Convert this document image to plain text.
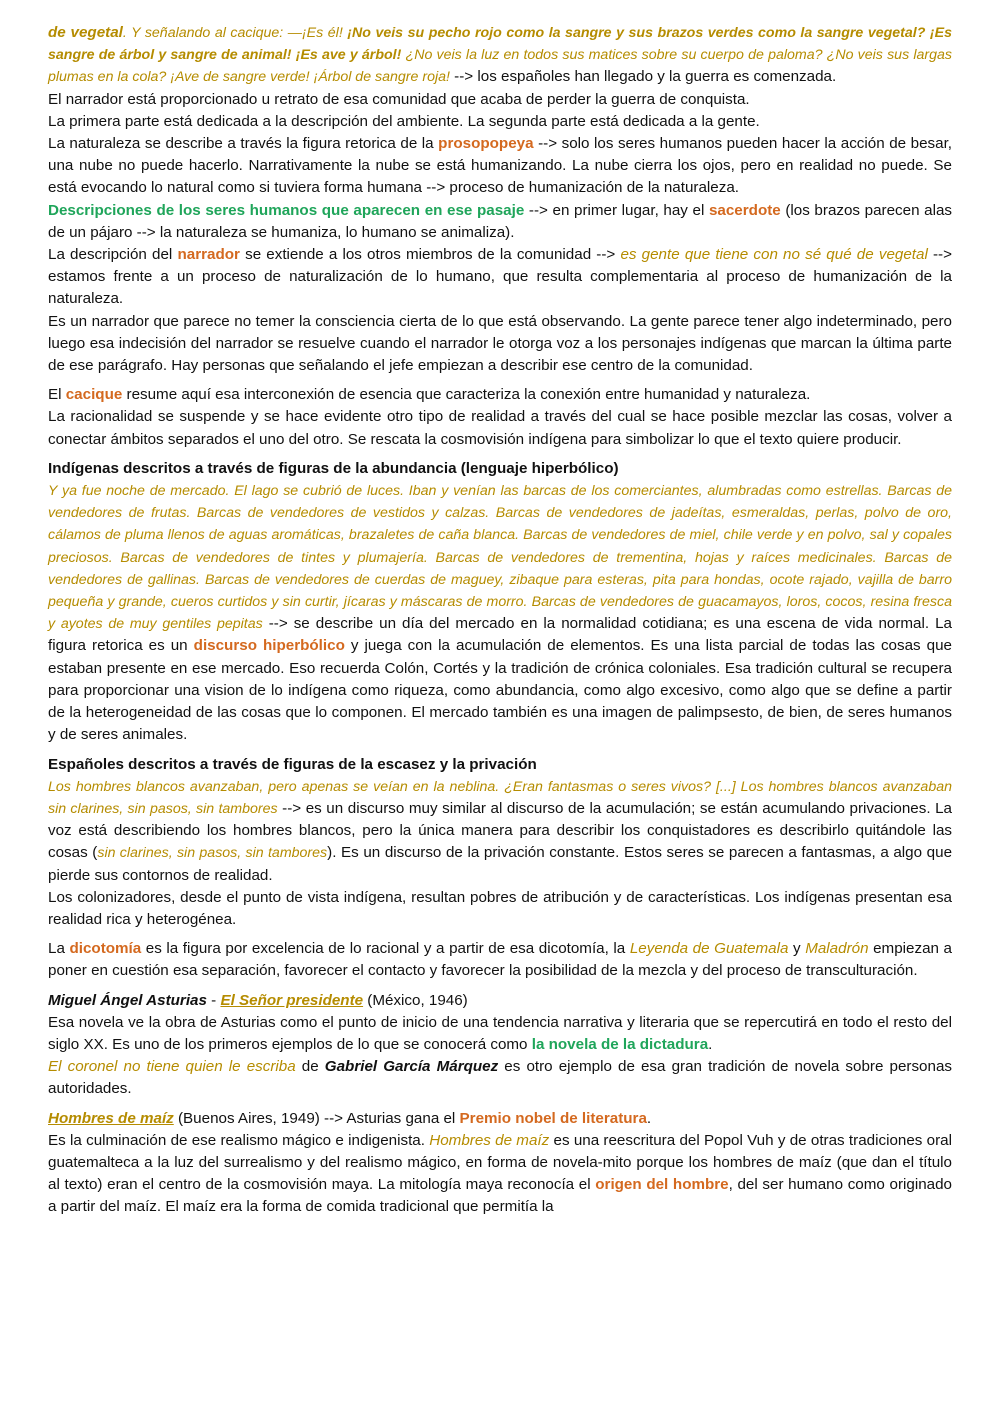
de vegetal. Y señalando al cacique: —¡Es él! ¡No veis su pecho rojo como la sangre y sus brazos verdes como la sangre vegetal? ¡Es sangre de árbol y sangre de animal! ¡Es ave y árbol! ¿No veis la luz en todos sus matices sobre su cuerpo de paloma? ¿No veis sus largas plumas en la cola? ¡Ave de sangre verde! ¡Árbol de sangre roja! --> los españoles han llegado y la guerra es comenzada.

El narrador está proporcionado u retrato de esa comunidad que acaba de perder la guerra de conquista.

La primera parte está dedicada a la descripción del ambiente. La segunda parte está dedicada a la gente.

La naturaleza se describe a través la figura retorica de la prosopopeya --> solo los seres humanos pueden hacer la acción de besar, una nube no puede hacerlo. Narrativamente la nube se está humanizando. La nube cierra los ojos, pero en realidad no puede. Se está evocando lo natural como si tuviera forma humana --> proceso de humanización de la naturaleza.

Descripciones de los seres humanos que aparecen en ese pasaje --> en primer lugar, hay el sacerdote (los brazos parecen alas de un pájaro --> la naturaleza se humaniza, lo humano se animaliza).

La descripción del narrador se extiende a los otros miembros de la comunidad --> es gente que tiene con no sé qué de vegetal --> estamos frente a un proceso de naturalización de lo humano, que resulta complementaria al proceso de humanización de la naturaleza.

Es un narrador que parece no temer la consciencia cierta de lo que está observando. La gente parece tener algo indeterminado, pero luego esa indecisión del narrador se resuelve cuando el narrador le otorga voz a los personajes indígenas que marcan la última parte de ese parágrafo. Hay personas que señalando el jefe empiezan a describir ese centro de la comunidad.

El cacique resume aquí esa interconexión de esencia que caracteriza la conexión entre humanidad y naturaleza.

La racionalidad se suspende y se hace evidente otro tipo de realidad a través del cual se hace posible mezclar las cosas, volver a conectar ámbitos separados el uno del otro. Se rescata la cosmovisión indígena para simbolizar lo que el texto quiere producir.

Indígenas descritos a través de figuras de la abundancia (lenguaje hiperbólico)

Y ya fue noche de mercado. El lago se cubrió de luces. Iban y venían las barcas de los comerciantes, alumbradas como estrellas. Barcas de vendedores de frutas. Barcas de vendedores de vestidos y calzas. Barcas de vendedores de jadeítas, esmeraldas, perlas, polvo de oro, cálamos de pluma llenos de aguas aromáticas, brazaletes de caña blanca. Barcas de vendedores de miel, chile verde y en polvo, sal y copales preciosos. Barcas de vendedores de tintes y plumajería. Barcas de vendedores de trementina, hojas y raíces medicinales. Barcas de vendedores de gallinas. Barcas de vendedores de cuerdas de maguey, zibaque para esteras, pita para hondas, ocote rajado, vajilla de barro pequeña y grande, cueros curtidos y sin curtir, jícaras y máscaras de morro. Barcas de vendedores de guacamayos, loros, cocos, resina fresca y ayotes de muy gentiles pepitas --> se describe un día del mercado en la normalidad cotidiana; es una escena de vida normal. La figura retorica es un discurso hiperbólico y juega con la acumulación de elementos. Es una lista parcial de todas las cosas que estaban presente en ese mercado. Eso recuerda Colón, Cortés y la tradición de crónica coloniales. Esa tradición cultural se recupera para proporcionar una vision de lo indígena como riqueza, como abundancia, como algo excesivo, como algo que se define a partir de la heterogeneidad de las cosas que lo componen. El mercado también es una imagen de palimpsesto, de bien, de seres humanos y de seres animales.

Españoles descritos a través de figuras de la escasez y la privación

Los hombres blancos avanzaban, pero apenas se veían en la neblina. ¿Eran fantasmas o seres vivos? [...] Los hombres blancos avanzaban sin clarines, sin pasos, sin tambores --> es un discurso muy similar al discurso de la acumulación; se están acumulando privaciones. La voz está describiendo los hombres blancos, pero la única manera para describir los conquistadores es describirlo quitándole las cosas (sin clarines, sin pasos, sin tambores). Es un discurso de la privación constante. Estos seres se parecen a fantasmas, a algo que pierde sus contornos de realidad.

Los colonizadores, desde el punto de vista indígena, resultan pobres de atribución y de características. Los indígenas presentan esa realidad rica y heterogénea.

La dicotomía es la figura por excelencia de lo racional y a partir de esa dicotomía, la Leyenda de Guatemala y Maladrón empiezan a poner en cuestión esa separación, favorecer el contacto y favorecer la posibilidad de la mezcla y del proceso de transculturación.

Miguel Ángel Asturias - El Señor presidente (México, 1946)

Esa novela ve la obra de Asturias como el punto de inicio de una tendencia narrativa y literaria que se repercutirá en todo el resto del siglo XX. Es uno de los primeros ejemplos de lo que se conocerá como la novela de la dictadura.

El coronel no tiene quien le escriba de Gabriel García Márquez es otro ejemplo de esa gran tradición de novela sobre personas autoridades.

Hombres de maíz (Buenos Aires, 1949) --> Asturias gana el Premio nobel de literatura.

Es la culminación de ese realismo mágico e indigenista. Hombres de maíz es una reescritura del Popol Vuh y de otras tradiciones oral guatemalteca a la luz del surrealismo y del realismo mágico, en forma de novela-mito porque los hombres de maíz (que dan el título al texto) eran el centro de la cosmovisión maya. La mitología maya reconocía el origen del hombre, del ser humano como originado a partir del maíz. El maíz era la forma de comida tradicional que permitía la
